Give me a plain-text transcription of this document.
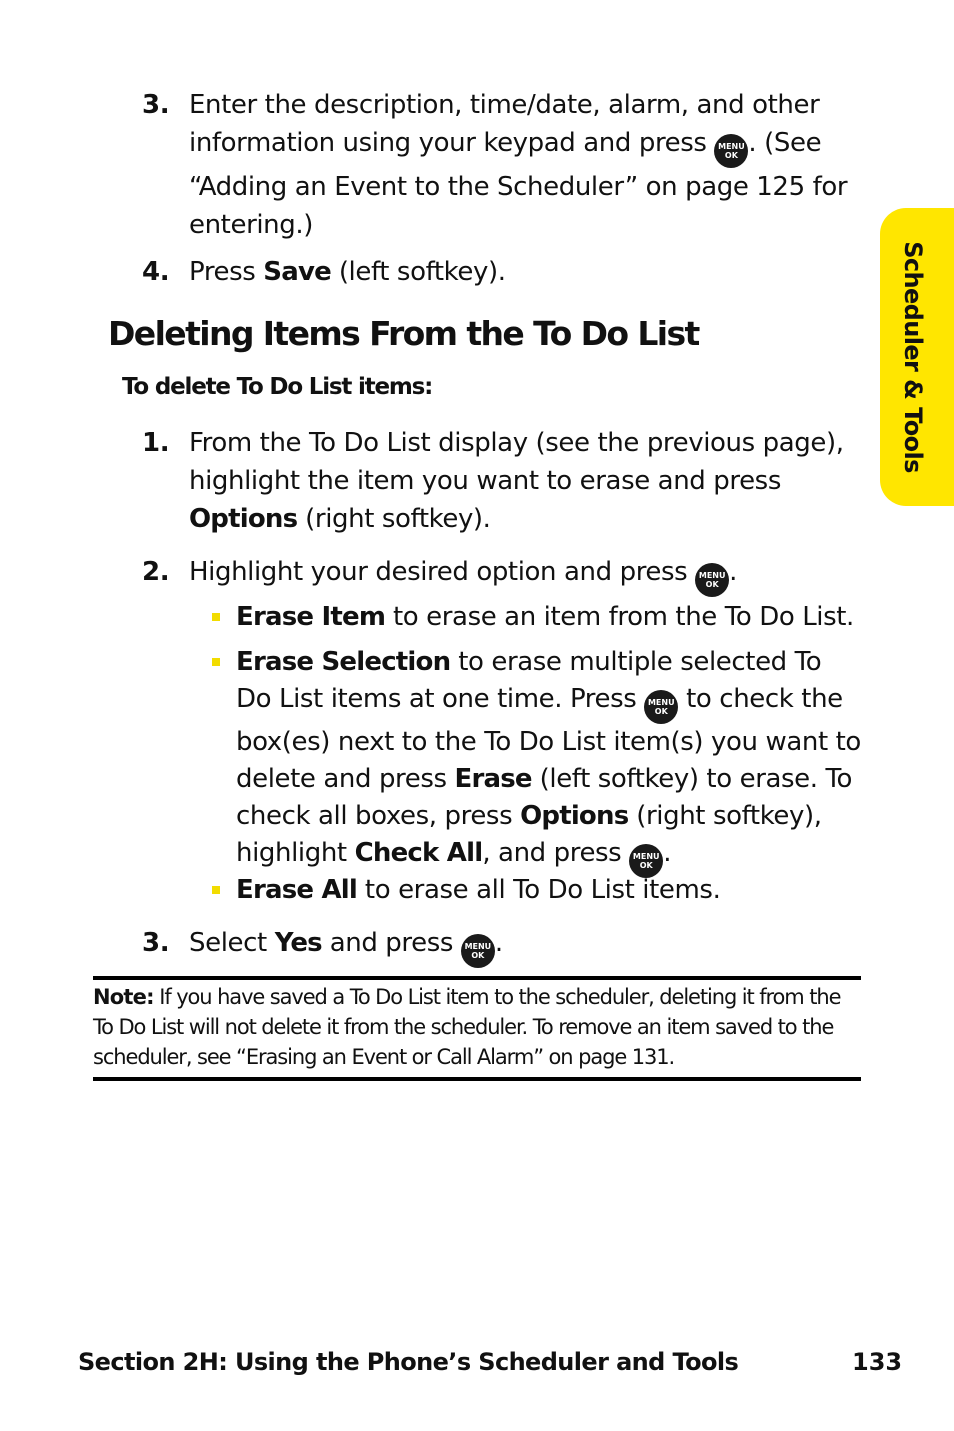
3. Enter the description, time/date, alarm, and other information using your keypad and press MENU
OK . (See “Adding an Event to the Scheduler” on page 125 for entering.)
4. Press Save (left softkey).
Deleting Items From the To Do List
To delete To Do List items:
1. From the To Do List display (see the previous page), highlight the item you want to erase and press Options (right softkey).
2. Highlight your desired option and press MENU
OK .
Erase Item to erase an item from the To Do List.
Erase Selection to erase multiple selected To Do List items at one time. Press MENU
OK to check the box(es) next to the To Do List item(s) you want to delete and press Erase (left softkey) to erase. To check all boxes, press Options (right softkey), highlight Check All, and press MENU
OK .
Erase All to erase all To Do List items.
3. Select Yes and press MENU
OK .
Note: If you have saved a To Do List item to the scheduler, deleting it from the To Do List will not delete it from the scheduler. To remove an item saved to the scheduler, see “Erasing an Event or Call Alarm” on page 131.
Scheduler & Tools
Section 2H: Using the Phone’s Scheduler and Tools	133
